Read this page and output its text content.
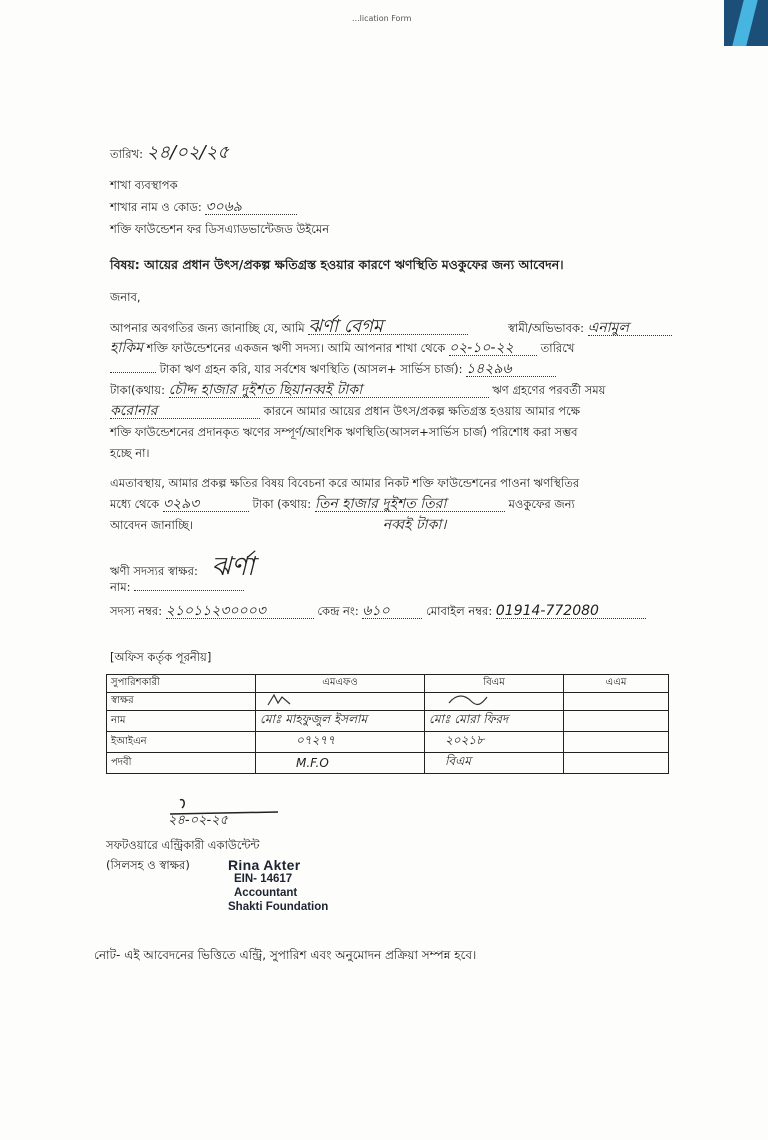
...lication Form
তারিখ: ২৪/০২/২৫
শাখা ব্যবস্থাপক
শাখার নাম ও কোড: ৩০৬৯
শক্তি ফাউন্ডেশন ফর ডিসএ্যাডভান্টেজড উইমেন
বিষয়: আয়ের প্রধান উৎস/প্রকল্প ক্ষতিগ্রস্ত হওয়ার কারণে ঋণস্থিতি মওকুফের জন্য আবেদন।
জনাব,
আপনার অবগতির জন্য জানাচ্ছি যে, আমি ঝর্ণা বেগম	স্বামী/অভিভাবক: এনামুল
হাকিম শক্তি ফাউন্ডেশনের একজন ঋণী সদস্য। আমি আপনার শাখা থেকে ০২-১০-২২ তারিখে
টাকা ঋণ গ্রহন করি, যার সর্বশেষ ঋণস্থিতি (আসল+ সার্ভিস চার্জ): ১৪২৯৬
টাকা(কথায়: চৌদ্দ হাজার দুইশত ছিয়ানব্বই টাকা	ঋণ গ্রহণের পরবর্তী সময়
করোনার	কারনে আমার আয়ের প্রধান উৎস/প্রকল্প ক্ষতিগ্রস্ত হওয়ায় আমার পক্ষে
শক্তি ফাউন্ডেশনের প্রদানকৃত ঋণের সম্পূর্ণ/আংশিক ঋণস্থিতি(আসল+সার্ভিস চার্জ) পরিশোধ করা সম্ভব
হচ্ছে না।
এমতাবস্থায়, আমার প্রকল্প ক্ষতির বিষয় বিবেচনা করে আমার নিকট শক্তি ফাউন্ডেশনের পাওনা ঋণস্থিতির
মধ্যে থেকে ৩২৯৩	টাকা (কথায়: তিন হাজার দুইশত তিরা	মওকুফের জন্য
আবেদন জানাচ্ছি।	নব্বই টাকা।
ঋণী সদস্যর স্বাক্ষর: ঝর্ণা
নাম:
সদস্য নম্বর: ২১০১১২৩০০০৩	কেন্দ্র নং: ৬১০	মোবাইল নম্বর: 01914-772080
[অফিস কর্তৃক পূরনীয়]
সুপারিশকারী	এমএফও	বিএম	এএম
স্বাক্ষর			
নাম	মোঃ মাহফুজুল ইসলাম	মোঃ মোরা ফিরদ	
ইআইএন	০৭২৭৭	২০২১৮	
পদবী	M.F.O	বিএম	
২৪-০২-২৫
সফটওয়ারে এন্ট্রিকারী একাউন্টেন্ট
(সিলসহ ও স্বাক্ষর)	Rina Akter
EIN- 14617
Accountant
Shakti Foundation
নোট- এই আবেদনের ভিত্তিতে এন্ট্রি, সুপারিশ এবং অনুমোদন প্রক্রিয়া সম্পন্ন হবে।
